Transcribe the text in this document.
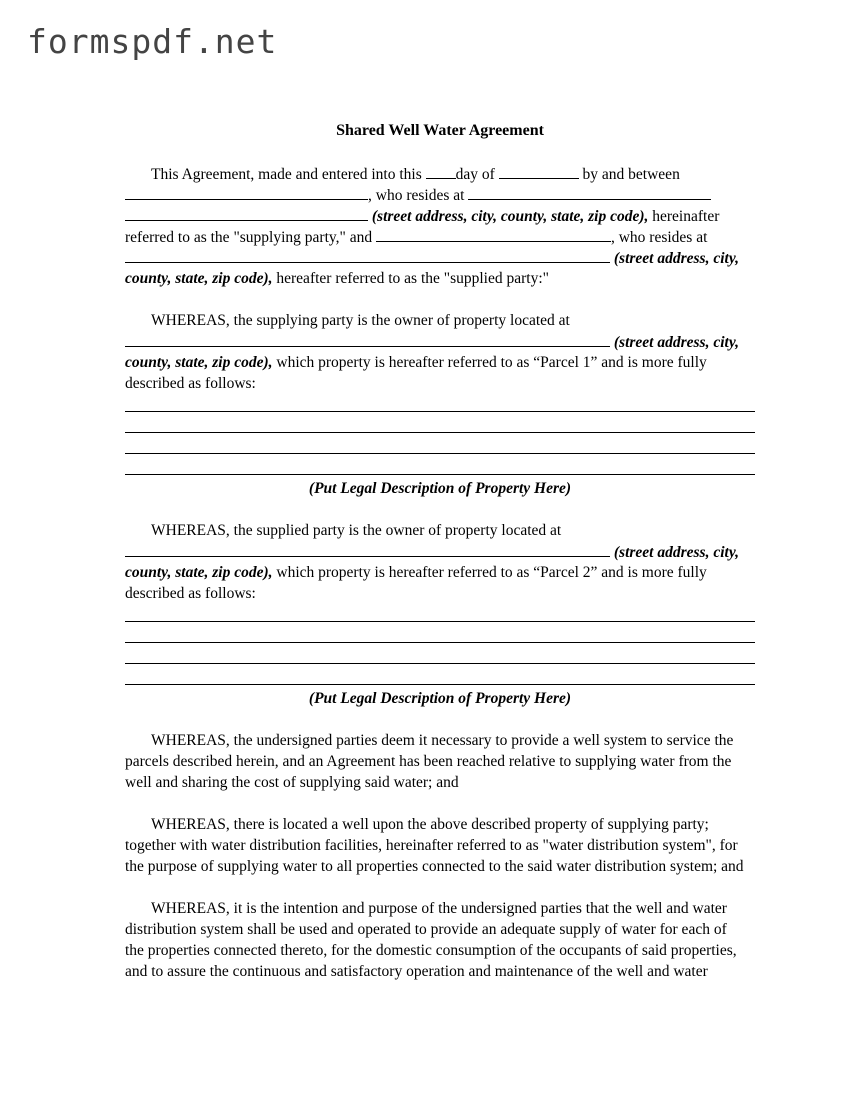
formspdf.net
Shared Well Water Agreement
This Agreement, made and entered into this day of	by and between
, who resides at
(street address, city, county, state, zip code), hereinafter
referred to as the "supplying party," and	, who resides at
(street address, city,
county, state, zip code), hereafter referred to as the "supplied party:"
WHEREAS, the supplying party is the owner of property located at
(street address, city,
county, state, zip code), which property is hereafter referred to as “Parcel 1” and is more fully
described as follows:
(Put Legal Description of Property Here)
WHEREAS, the supplied party is the owner of property located at
(street address, city,
county, state, zip code), which property is hereafter referred to as “Parcel 2” and is more fully
described as follows:
(Put Legal Description of Property Here)
WHEREAS, the undersigned parties deem it necessary to provide a well system to service the
parcels described herein, and an Agreement has been reached relative to supplying water from the
well and sharing the cost of supplying said water; and
WHEREAS, there is located a well upon the above described property of supplying party;
together with water distribution facilities, hereinafter referred to as "water distribution system", for
the purpose of supplying water to all properties connected to the said water distribution system; and
WHEREAS, it is the intention and purpose of the undersigned parties that the well and water
distribution system shall be used and operated to provide an adequate supply of water for each of
the properties connected thereto, for the domestic consumption of the occupants of said properties,
and to assure the continuous and satisfactory operation and maintenance of the well and water
